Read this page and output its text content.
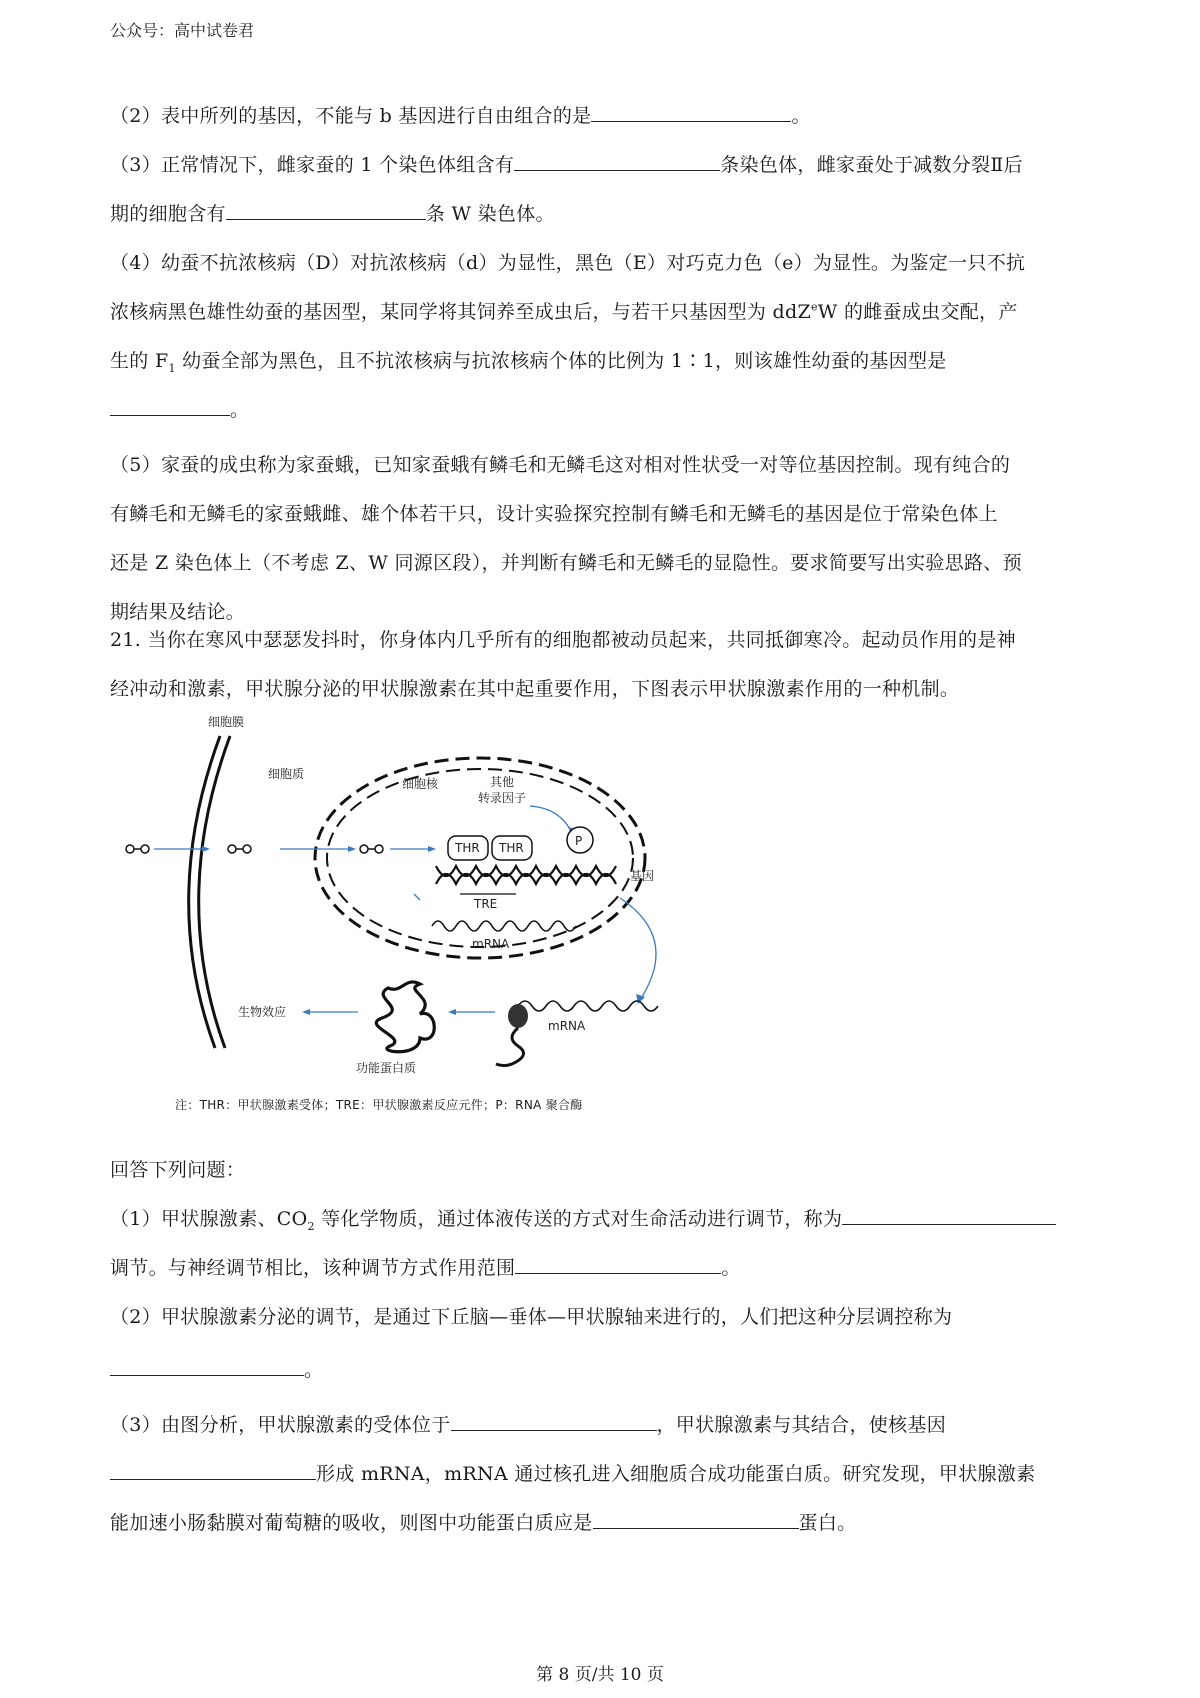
公众号：高中试卷君
（2）表中所列的基因，不能与 b 基因进行自由组合的是	。
（3）正常情况下，雌家蚕的 1 个染色体组含有	条染色体，雌家蚕处于减数分裂Ⅱ后
期的细胞含有	条 W 染色体。
（4）幼蚕不抗浓核病（D）对抗浓核病（d）为显性，黑色（E）对巧克力色（e）为显性。为鉴定一只不抗
浓核病黑色雄性幼蚕的基因型，某同学将其饲养至成虫后，与若干只基因型为 ddZ$^e$W 的雌蚕成虫交配，产
生的 $F_1$ 幼蚕全部为黑色，且不抗浓核病与抗浓核病个体的比例为 1∶1，则该雄性幼蚕的基因型是
。
（5）家蚕的成虫称为家蚕蛾，已知家蚕蛾有鳞毛和无鳞毛这对相对性状受一对等位基因控制。现有纯合的
有鳞毛和无鳞毛的家蚕蛾雌、雄个体若干只，设计实验探究控制有鳞毛和无鳞毛的基因是位于常染色体上
还是 Z 染色体上（不考虑 Z、W 同源区段），并判断有鳞毛和无鳞毛的显隐性。要求简要写出实验思路、预
期结果及结论。
21. 当你在寒风中瑟瑟发抖时，你身体内几乎所有的细胞都被动员起来，共同抵御寒冷。起动员作用的是神
经冲动和激素，甲状腺分泌的甲状腺激素在其中起重要作用，下图表示甲状腺激素作用的一种机制。
细胞膜
细胞质
细胞核	其他
转录因子
THR THR	P
基因
TRE
mRNA
mRNA
功能蛋白质
生物效应
注：THR：甲状腺激素受体；TRE：甲状腺激素反应元件；P：RNA 聚合酶
回答下列问题：
（1）甲状腺激素、$CO_2$ 等化学物质，通过体液传送的方式对生命活动进行调节，称为
调节。与神经调节相比，该种调节方式作用范围	。
（2）甲状腺激素分泌的调节，是通过下丘脑—垂体—甲状腺轴来进行的，人们把这种分层调控称为
。
（3）由图分析，甲状腺激素的受体位于	，甲状腺激素与其结合，使核基因
形成 mRNA，mRNA 通过核孔进入细胞质合成功能蛋白质。研究发现，甲状腺激素
能加速小肠黏膜对葡萄糖的吸收，则图中功能蛋白质应是	蛋白。
第 8 页/共 10 页
